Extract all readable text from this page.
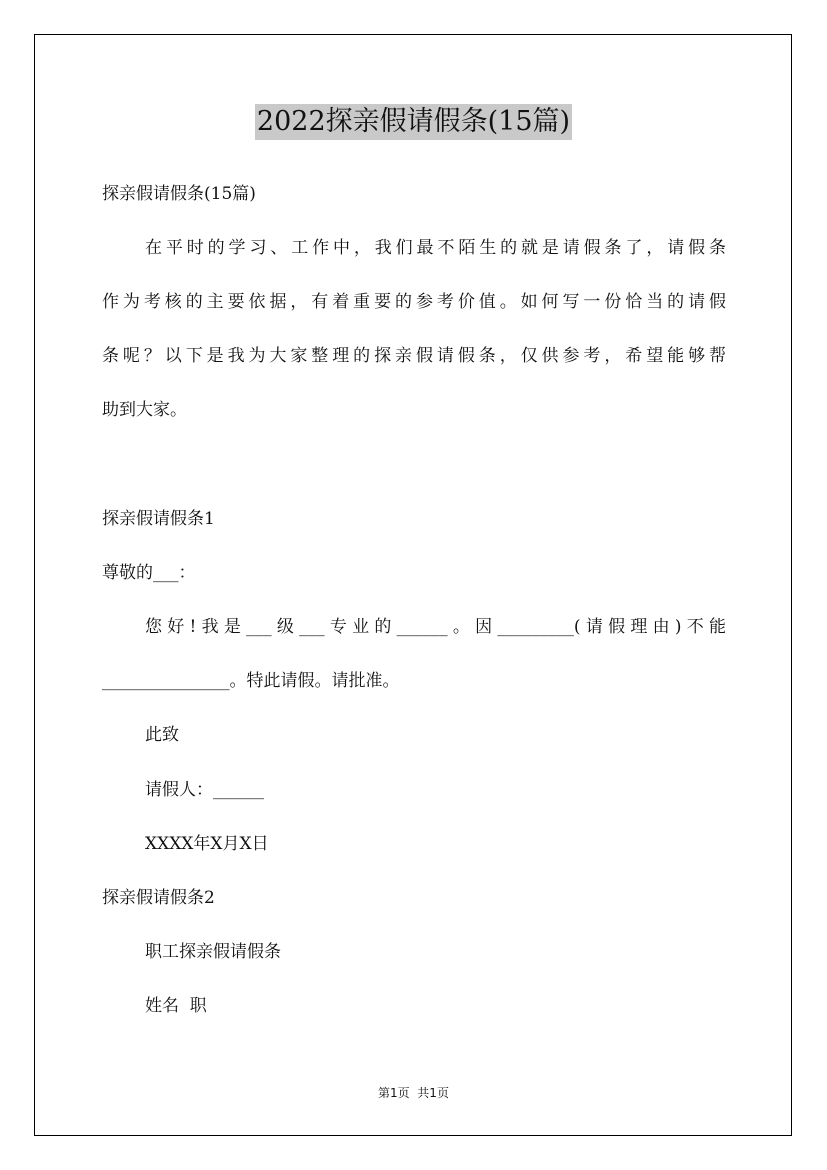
2022探亲假请假条(15篇)
探亲假请假条(15篇)
在平时的学习、工作中，我们最不陌生的就是请假条了，请假条
作为考核的主要依据，有着重要的参考价值。如何写一份恰当的请假
条呢？以下是我为大家整理的探亲假请假条，仅供参考，希望能够帮
助到大家。
探亲假请假条1
尊敬的___：
您好!我是___级___专业的______。因_________(请假理由)不能
_______________。特此请假。请批准。
此致
请假人：______
XXXX年X月X日
探亲假请假条2
职工探亲假请假条
姓名  职
第1页  共1页
